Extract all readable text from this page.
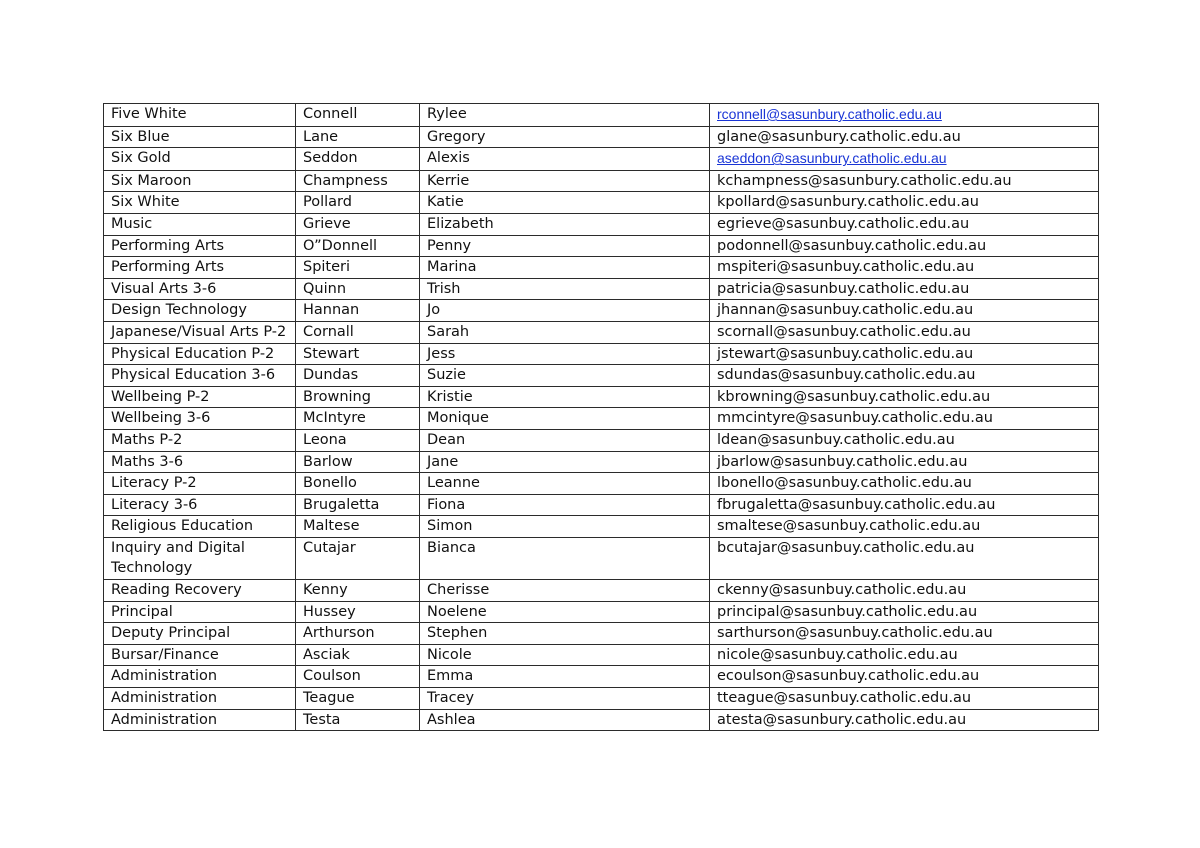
Five White	Connell	Rylee	rconnell@sasunbury.catholic.edu.au
Six Blue	Lane	Gregory	glane@sasunbury.catholic.edu.au
Six Gold	Seddon	Alexis	aseddon@sasunbury.catholic.edu.au
Six Maroon	Champness	Kerrie	kchampness@sasunbury.catholic.edu.au
Six White	Pollard	Katie	kpollard@sasunbury.catholic.edu.au
Music	Grieve	Elizabeth	egrieve@sasunbuy.catholic.edu.au
Performing Arts	O”Donnell	Penny	podonnell@sasunbuy.catholic.edu.au
Performing Arts	Spiteri	Marina	mspiteri@sasunbuy.catholic.edu.au
Visual Arts 3-6	Quinn	Trish	patricia@sasunbuy.catholic.edu.au
Design Technology	Hannan	Jo	jhannan@sasunbuy.catholic.edu.au
Japanese/Visual Arts P-2	Cornall	Sarah	scornall@sasunbuy.catholic.edu.au
Physical Education P-2	Stewart	Jess	jstewart@sasunbuy.catholic.edu.au
Physical Education 3-6	Dundas	Suzie	sdundas@sasunbuy.catholic.edu.au
Wellbeing P-2	Browning	Kristie	kbrowning@sasunbuy.catholic.edu.au
Wellbeing 3-6	McIntyre	Monique	mmcintyre@sasunbuy.catholic.edu.au
Maths P-2	Leona	Dean	ldean@sasunbuy.catholic.edu.au
Maths 3-6	Barlow	Jane	jbarlow@sasunbuy.catholic.edu.au
Literacy P-2	Bonello	Leanne	lbonello@sasunbuy.catholic.edu.au
Literacy 3-6	Brugaletta	Fiona	fbrugaletta@sasunbuy.catholic.edu.au
Religious Education	Maltese	Simon	smaltese@sasunbuy.catholic.edu.au
Inquiry and Digital Technology	Cutajar	Bianca	bcutajar@sasunbuy.catholic.edu.au
Reading Recovery	Kenny	Cherisse	ckenny@sasunbuy.catholic.edu.au
Principal	Hussey	Noelene	principal@sasunbuy.catholic.edu.au
Deputy Principal	Arthurson	Stephen	sarthurson@sasunbuy.catholic.edu.au
Bursar/Finance	Asciak	Nicole	nicole@sasunbuy.catholic.edu.au
Administration	Coulson	Emma	ecoulson@sasunbuy.catholic.edu.au
Administration	Teague	Tracey	tteague@sasunbuy.catholic.edu.au
Administration	Testa	Ashlea	atesta@sasunbury.catholic.edu.au
